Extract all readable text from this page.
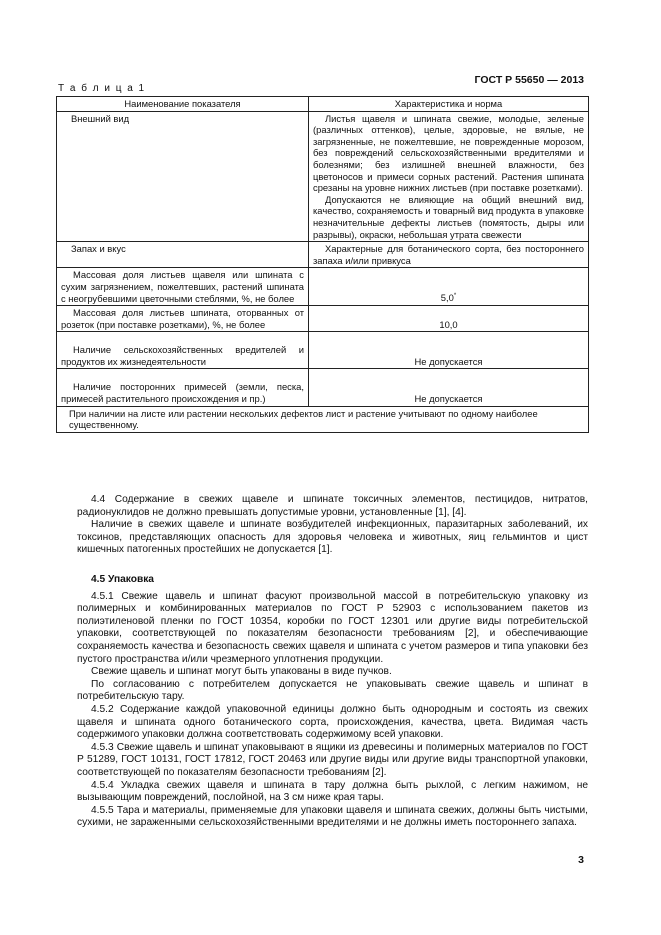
ГОСТ Р 55650 — 2013
Т а б л и ц а 1
Наименование показателя	Характеристика и норма
Внешний вид	Листья щавеля и шпината свежие, молодые, зеленые (различных оттенков), целые, здоровые, не вялые, не загрязненные, не пожелтевшие, не поврежденные морозом, без повреждений сельскохозяйственными вредителями и болезнями; без излишней внешней влажности, без цветоносов и примеси сорных растений. Растения шпината срезаны на уровне нижних листьев (при поставке розетками).
Допускаются не влияющие на общий внешний вид, качество, сохраняемость и товарный вид продукта в упаковке незначительные дефекты листьев (помятость, дыры или разрывы), окраски, небольшая утрата свежести

Запах и вкус	Характерные для ботанического сорта, без постороннего запаха и/или привкуса
Массовая доля листьев щавеля или шпината с сухим загрязнением, пожелтевших, растений шпината с неогрубевшими цветочными стеблями, %, не более	5,0*
Массовая доля листьев шпината, оторванных от розеток (при поставке розетками), %, не более	10,0
Наличие сельскохозяйственных вредителей и продуктов их жизнедеятельности	Не допускается
Наличие посторонних примесей (земли, песка, примесей растительного происхождения и пр.)	Не допускается
При наличии на листе или растении нескольких дефектов лист и растение учитывают по одному наиболее существенному.	

4.4 Содержание в свежих щавеле и шпинате токсичных элементов, пестицидов, нитратов, радионуклидов не должно превышать допустимые уровни, установленные [1], [4].

Наличие в свежих щавеле и шпинате возбудителей инфекционных, паразитарных заболеваний, их токсинов, представляющих опасность для здоровья человека и животных, яиц гельминтов и цист кишечных патогенных простейших не допускается [1].

4.5 Упаковка

4.5.1 Свежие щавель и шпинат фасуют произвольной массой в потребительскую упаковку из полимерных и комбинированных материалов по ГОСТ Р 52903 с использованием пакетов из полиэтиленовой пленки по ГОСТ 10354, коробки по ГОСТ 12301 или другие виды потребительской упаковки, соответствующей по показателям безопасности требованиям [2], и обеспечивающие сохраняемость качества и безопасность свежих щавеля и шпината с учетом размеров и типа упаковки без пустого пространства и/или чрезмерного уплотнения продукции.

Свежие щавель и шпинат могут быть упакованы в виде пучков.

По согласованию с потребителем допускается не упаковывать свежие щавель и шпинат в потребительскую тару.

4.5.2 Содержание каждой упаковочной единицы должно быть однородным и состоять из свежих щавеля и шпината одного ботанического сорта, происхождения, качества, цвета. Видимая часть содержимого упаковки должна соответствовать содержимому всей упаковки.

4.5.3 Свежие щавель и шпинат упаковывают в ящики из древесины и полимерных материалов по ГОСТ Р 51289, ГОСТ 10131, ГОСТ 17812, ГОСТ 20463 или другие виды или другие виды транспортной упаковки, соответствующей по показателям безопасности требованиям [2].

4.5.4 Укладка свежих щавеля и шпината в тару должна быть рыхлой, с легким нажимом, не вызывающим повреждений, послойной, на 3 см ниже края тары.

4.5.5 Тара и материалы, применяемые для упаковки щавеля и шпината свежих, должны быть чистыми, сухими, не зараженными сельскохозяйственными вредителями и не должны иметь постороннего запаха.

3
